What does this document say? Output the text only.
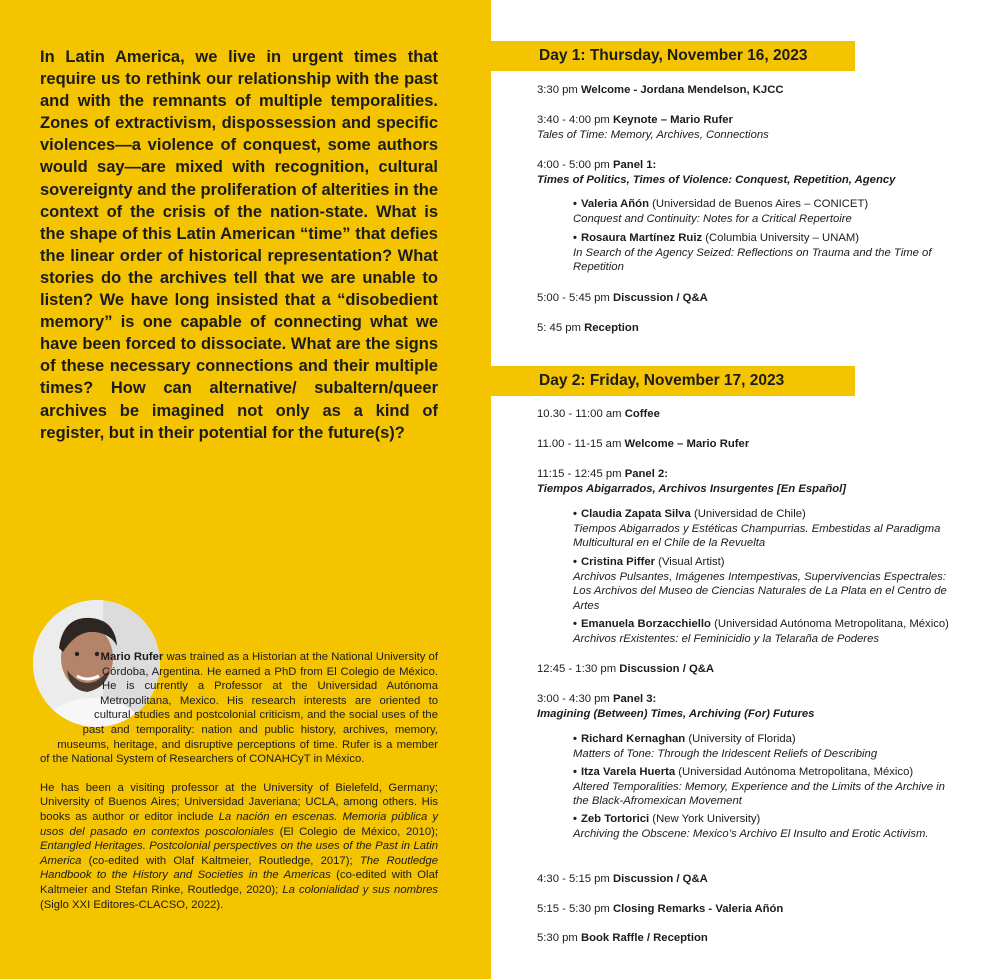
In Latin America, we live in urgent times that require us to rethink our relationship with the past and with the remnants of multiple temporalities. Zones of extractivism, dispossession and specific violences—a violence of conquest, some authors would say—are mixed with recognition, cultural sovereignty and the proliferation of alterities in the context of the crisis of the nation-state. What is the shape of this Latin American “time” that defies the linear order of historical representation? What stories do the archives tell that we are unable to listen? We have long insisted that a “disobedient memory” is one capable of connecting what we have been forced to dissociate. What are the signs of these necessary connections and their multiple times? How can alternative/ subaltern/queer archives be imagined not only as a kind of register, but in their potential for the future(s)?

Mario Rufer was trained as a Historian at the National University of Córdoba, Argentina. He earned a PhD from El Colegio de México. He is currently a Professor at the Universidad Autónoma Metropolitana, Mexico. His research interests are oriented to cultural studies and postcolonial criticism, and the social uses of the past and temporality: nation and public history, archives, memory, museums, heritage, and disruptive perceptions of time. Rufer is a member of the National System of Researchers of CONAHCyT in México.

He has been a visiting professor at the University of Bielefeld, Germany; University of Buenos Aires; Universidad Javeriana; UCLA, among others. His books as author or editor include La nación en escenas. Memoria pública y usos del pasado en contextos poscoloniales (El Colegio de México, 2010); Entangled Heritages. Postcolonial perspectives on the uses of the Past in Latin America (co-edited with Olaf Kaltmeier, Routledge, 2017); The Routledge Handbook to the History and Societies in the Americas (co-edited with Olaf Kaltmeier and Stefan Rinke, Routledge, 2020); La colonialidad y sus nombres (Siglo XXI Editores-CLACSO, 2022).

Day 1: Thursday, November 16, 2023
Day 2: Friday, November 17, 2023
3:30 pm Welcome - Jordana Mendelson, KJCC
3:40 - 4:00 pm Keynote – Mario Rufer
Tales of Time: Memory, Archives, Connections
4:00 - 5:00 pm Panel 1:
Times of Politics, Times of Violence: Conquest, Repetition, Agency
• Valeria Añón (Universidad de Buenos Aires – CONICET)
Conquest and Continuity: Notes for a Critical Repertoire
• Rosaura Martínez Ruiz (Columbia University – UNAM)
In Search of the Agency Seized: Reflections on Trauma and the Time of Repetition
5:00 - 5:45 pm Discussion / Q&A
5: 45 pm Reception
10.30 - 11:00 am Coffee
11.00 - 11-15 am Welcome – Mario Rufer
11:15 - 12:45 pm Panel 2:
Tiempos Abigarrados, Archivos Insurgentes [En Español]
• Claudia Zapata Silva (Universidad de Chile)
Tiempos Abigarrados y Estéticas Champurrias. Embestidas al Paradigma Multicultural en el Chile de la Revuelta
• Cristina Piffer (Visual Artist)
Archivos Pulsantes, Imágenes Intempestivas, Supervivencias Espectrales: Los Archivos del Museo de Ciencias Naturales de La Plata en el Centro de Artes
• Emanuela Borzacchiello (Universidad Autónoma Metropolitana, México) Archivos rExistentes: el Feminicidio y la Telaraña de Poderes
12:45 - 1:30 pm Discussion / Q&A
3:00 - 4:30 pm Panel 3:
Imagining (Between) Times, Archiving (For) Futures
• Richard Kernaghan (University of Florida)
Matters of Tone: Through the Iridescent Reliefs of Describing
• Itza Varela Huerta (Universidad Autónoma Metropolitana, México)
Altered Temporalities: Memory, Experience and the Limits of the Archive in the Black-Afromexican Movement
• Zeb Tortorici (New York University)
Archiving the Obscene: Mexico’s Archivo El Insulto and Erotic Activism.
4:30 - 5:15 pm Discussion / Q&A
5:15 - 5:30 pm Closing Remarks - Valeria Añón
5:30 pm Book Raffle / Reception
